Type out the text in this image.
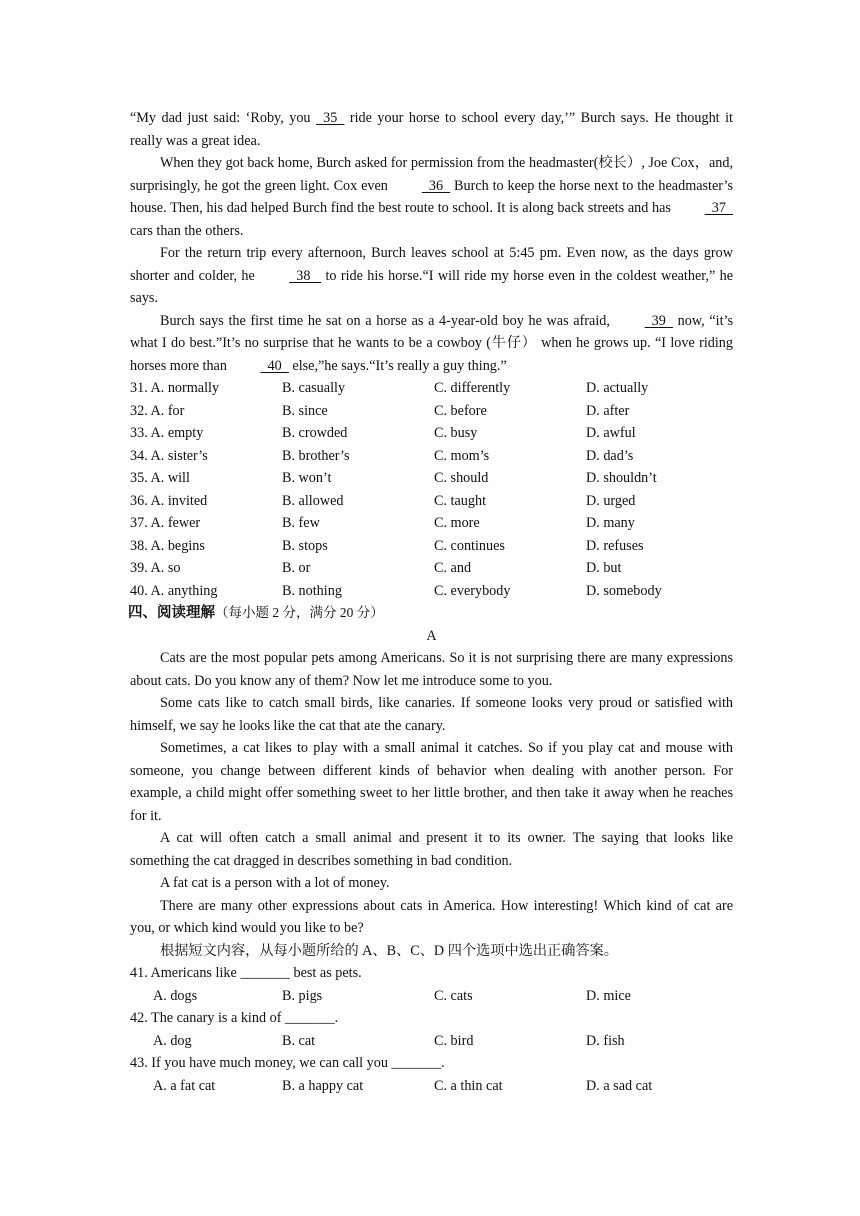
“My dad just said: ‘Roby, you   35   ride your horse to school every day,’” Burch says. He thought it really was a great idea.

When they got back home, Burch asked for permission from the headmaster(校长）, Joe Cox，and, surprisingly, he got the green light. Cox even   36   Burch to keep the horse next to the headmaster’s house. Then, his dad helped Burch find the best route to school. It is along back streets and has   37   cars than the others.

For the return trip every afternoon, Burch leaves school at 5:45 pm. Even now, as the days grow shorter and colder, he   38    to ride his horse.“I will ride my horse even in the coldest weather,” he says.

Burch says the first time he sat on a horse as a 4-year-old boy he was afraid,   39   now, “it’s what I do best.”It’s no surprise that he wants to be a cowboy (牛仔） when he grows up. “I love riding horses more than   40   else,”he says.“It’s really a guy thing.”

31. A. normally	B. casually	C. differently	D. actually
32. A. for	B. since	C. before	D. after
33. A. empty	B. crowded	C. busy	D. awful
34. A. sister’s	B. brother’s	C. mom’s	D. dad’s
35. A. will	B. won’t	C. should	D. shouldn’t
36. A. invited	B. allowed	C. taught	D. urged
37. A. fewer	B. few	C. more	D. many
38. A. begins	B. stops	C. continues	D. refuses
39. A. so	B. or	C. and	D. but
40. A. anything	B. nothing	C. everybody	D. somebody
四、阅读理解（每小题 2 分，满分 20 分）
A

Cats are the most popular pets among Americans. So it is not surprising there are many expressions about cats. Do you know any of them? Now let me introduce some to you.

Some cats like to catch small birds, like canaries. If someone looks very proud or satisfied with himself, we say he looks like the cat that ate the canary.

Sometimes, a cat likes to play with a small animal it catches. So if you play cat and mouse with someone, you change between different kinds of behavior when dealing with another person. For example, a child might offer something sweet to her little brother, and then take it away when he reaches for it.

A cat will often catch a small animal and present it to its owner. The saying that looks like something the cat dragged in describes something in bad condition.

A fat cat is a person with a lot of money.

There are many other expressions about cats in America. How interesting! Which kind of cat are you, or which kind would you like to be?

根据短文内容，从每小题所给的 A、B、C、D 四个选项中选出正确答案。

41. Americans like _______ best as pets.

A. dogs	B. pigs	C. cats	D. mice

42. The canary is a kind of _______.

A. dog	B. cat	C. bird	D. fish

43. If you have much money, we can call you _______.

A. a fat cat	B. a happy cat	C. a thin cat	D. a sad cat
